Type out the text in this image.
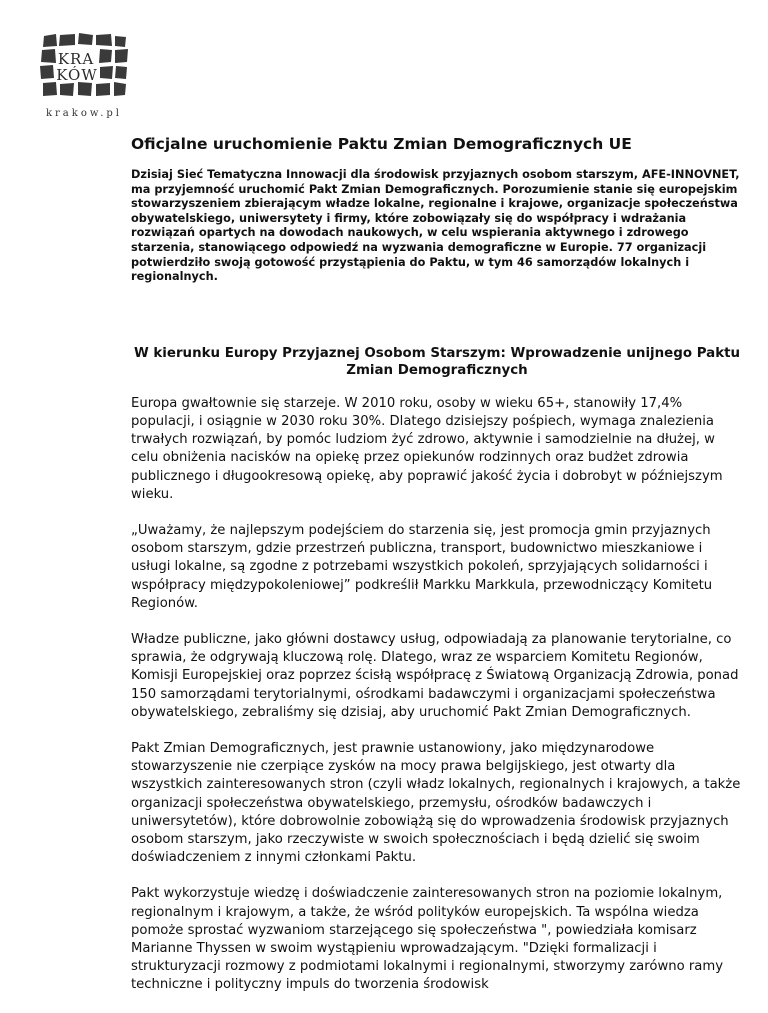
KRA
KÓW
krakow.pl
Oficjalne uruchomienie Paktu Zmian Demograficznych UE

Dzisiaj Sieć Tematyczna Innowacji dla środowisk przyjaznych osobom starszym, AFE-INNOVNET, ma przyjemność uruchomić Pakt Zmian Demograficznych. Porozumienie stanie się europejskim stowarzyszeniem zbierającym władze lokalne, regionalne i krajowe, organizacje społeczeństwa obywatelskiego, uniwersytety i firmy, które zobowiązały się do współpracy i wdrażania rozwiązań opartych na dowodach naukowych, w celu wspierania aktywnego i zdrowego starzenia, stanowiącego odpowiedź na wyzwania demograficzne w Europie. 77 organizacji potwierdziło swoją gotowość przystąpienia do Paktu, w tym 46 samorządów lokalnych i regionalnych.

W kierunku Europy Przyjaznej Osobom Starszym: Wprowadzenie unijnego Paktu Zmian Demograficznych

Europa gwałtownie się starzeje. W 2010 roku, osoby w wieku 65+, stanowiły 17,4% populacji, i osiągnie w 2030 roku 30%. Dlatego dzisiejszy pośpiech, wymaga znalezienia trwałych rozwiązań, by pomóc ludziom żyć zdrowo, aktywnie i samodzielnie na dłużej, w celu obniżenia nacisków na opiekę przez opiekunów rodzinnych oraz budżet zdrowia publicznego i długookresową opiekę, aby poprawić jakość życia i dobrobyt w późniejszym wieku.

„Uważamy, że najlepszym podejściem do starzenia się, jest promocja gmin przyjaznych osobom starszym, gdzie przestrzeń publiczna, transport, budownictwo mieszkaniowe i usługi lokalne, są zgodne z potrzebami wszystkich pokoleń, sprzyjających solidarności i współpracy międzypokoleniowej” podkreślił Markku Markkula, przewodniczący Komitetu Regionów.

Władze publiczne, jako główni dostawcy usług, odpowiadają za planowanie terytorialne, co sprawia, że odgrywają kluczową rolę. Dlatego, wraz ze wsparciem Komitetu Regionów, Komisji Europejskiej oraz poprzez ścisłą współpracę z Światową Organizacją Zdrowia, ponad 150 samorządami terytorialnymi, ośrodkami badawczymi i organizacjami społeczeństwa obywatelskiego, zebraliśmy się dzisiaj, aby uruchomić Pakt Zmian Demograficznych.

Pakt Zmian Demograficznych, jest prawnie ustanowiony, jako międzynarodowe stowarzyszenie nie czerpiące zysków na mocy prawa belgijskiego, jest otwarty dla wszystkich zainteresowanych stron (czyli władz lokalnych, regionalnych i krajowych, a także organizacji społeczeństwa obywatelskiego, przemysłu, ośrodków badawczych i uniwersytetów), które dobrowolnie zobowiążą się do wprowadzenia środowisk przyjaznych osobom starszym, jako rzeczywiste w swoich społecznościach i będą dzielić się swoim doświadczeniem z innymi członkami Paktu.

Pakt wykorzystuje wiedzę i doświadczenie zainteresowanych stron na poziomie lokalnym, regionalnym i krajowym, a także, że wśród polityków europejskich. Ta wspólna wiedza pomoże sprostać wyzwaniom starzejącego się społeczeństwa ", powiedziała komisarz Marianne Thyssen w swoim wystąpieniu wprowadzającym. "Dzięki formalizacji i strukturyzacji rozmowy z podmiotami lokalnymi i regionalnymi, stworzymy zarówno ramy techniczne i polityczny impuls do tworzenia środowisk
